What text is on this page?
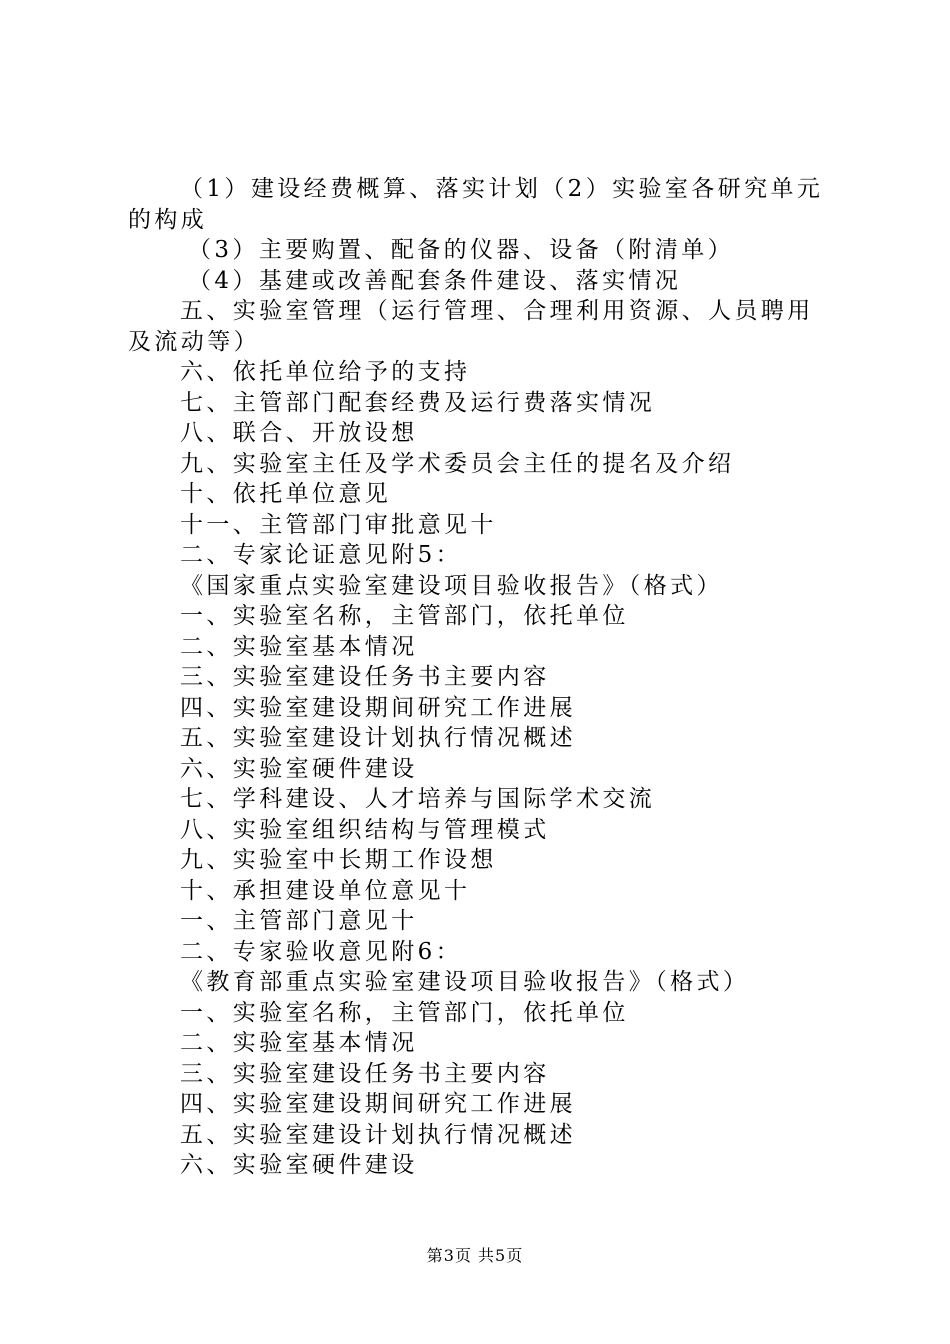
（1）建设经费概算、落实计划（2）实验室各研究单元的构成
（3）主要购置、配备的仪器、设备（附清单）
（4）基建或改善配套条件建设、落实情况
五、实验室管理（运行管理、合理利用资源、人员聘用及流动等）
六、依托单位给予的支持
七、主管部门配套经费及运行费落实情况
八、联合、开放设想
九、实验室主任及学术委员会主任的提名及介绍
十、依托单位意见
十一、主管部门审批意见十
二、专家论证意见附5：
《国家重点实验室建设项目验收报告》（格式）
一、实验室名称，主管部门，依托单位
二、实验室基本情况
三、实验室建设任务书主要内容
四、实验室建设期间研究工作进展
五、实验室建设计划执行情况概述
六、实验室硬件建设
七、学科建设、人才培养与国际学术交流
八、实验室组织结构与管理模式
九、实验室中长期工作设想
十、承担建设单位意见十
一、主管部门意见十
二、专家验收意见附6：
《教育部重点实验室建设项目验收报告》（格式）
一、实验室名称，主管部门，依托单位
二、实验室基本情况
三、实验室建设任务书主要内容
四、实验室建设期间研究工作进展
五、实验室建设计划执行情况概述
六、实验室硬件建设
第3页 共5页
